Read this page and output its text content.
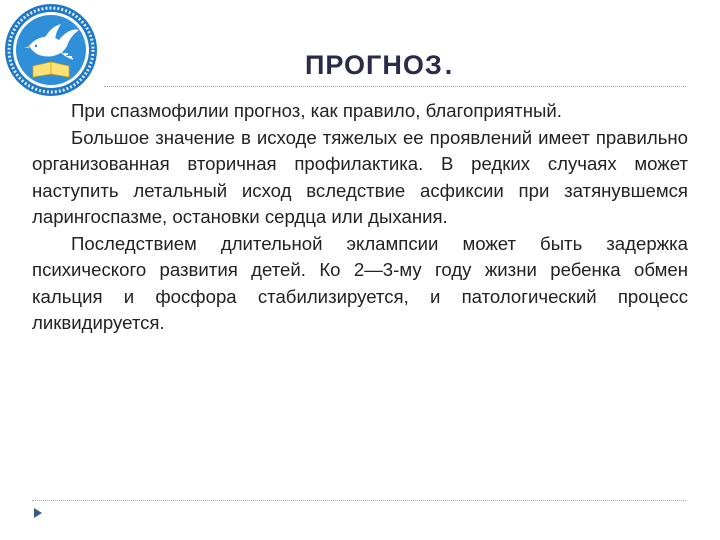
ПРОГНОЗ.

При спазмофилии прогноз, как правило, благоприятный.

Большое значение в исходе тяжелых ее проявлений имеет правильно организованная вторичная профилактика. В редких случаях может наступить летальный исход вследствие асфиксии при затянувшемся ларингоспазме, остановки сердца или дыхания.

Последствием длительной эклампсии может быть задержка психического развития детей. Ко 2—3-му году жизни ребенка обмен кальция и фосфора стабилизируется, и патологический процесс ликвидируется.
